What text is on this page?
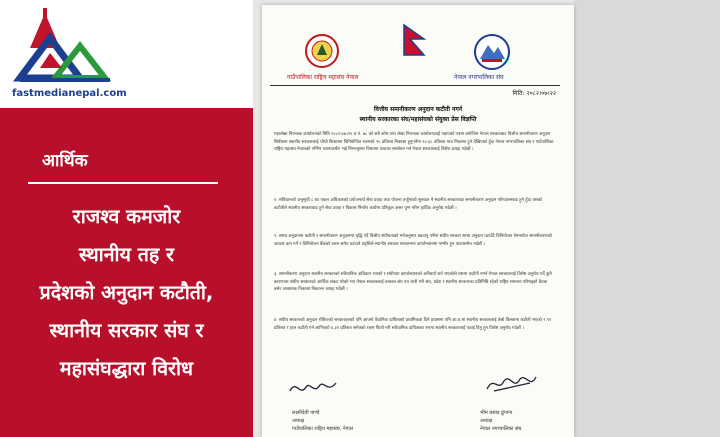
fastmedianepal.com
आर्थिक
राजश्व कमजोर
स्थानीय तह र
प्रदेशको अनुदान कटौती,
स्थानीय सरकार संघ र
महासंघद्धारा विरोध
गाउँपालिका राष्ट्रिय महासंघ नेपाल	नेपाल नगरपालिका संघ
मिति: २०८२।०७।२२
वित्तीय समानीकरण अनुदान कटौती नगर्न
स्थानीय सरकारका संघ/महासंघको संयुक्त प्रेस विज्ञप्ति

महालेखा नियन्त्रक कार्यालयको मिति २०८२।०७।२१ च.नं. ७८ को सबै कोष तथा लेखा नियन्त्रक कार्यालयलाई पठाएको पत्रमा बमोजिम नेपाल सरकारबाट वित्तीय समानीकरण अनुदान शिर्षकमा स्थानीय सरकारलाई चौथो किस्तामा विनियोजित रकमको २५ प्रतिशत निकासा हुनुपर्नेमा २०.६८ प्रतिशत मात्र निकासा हुने देखिएको हुँदा नेपाल नगरपालिका संघ र गाउँपालिका राष्ट्रिय महासंघ नेपालको गम्भिर ध्यानाकर्षण भई निम्नानुसार विषयमा तत्काल सम्बोधन गर्न नेपाल सरकारलाई विशेष आग्रह गर्दछौं ।

१. संविधानको अनुसूची ८ का एकल अधिकारको प्रयोजनार्थ सेवा प्रवाह तथा योजना तर्जुमाको सुरुवात नै स्थानीय सरकारबाट समानीकरण अनुदान परिचालनबाट हुने हुँदा यसको कटौतीले स्थानीय सरकारबाट हुने सेवा प्रवाह र विकास निर्माण कार्यमा प्रतिकूल असर पुग्न गरिन हार्दिक अनुरोध गर्दछौं ।

२. समग्र अनुदानमा कटौती र समानीकरण अनुदानमा वृद्धि गर्दै वित्तीय संघीयताको मर्मअनुसार बढाउनु पर्नेमा संघीय सरकार समग्र अनुदान घटाउँदै विनियोजन ऐनमार्फत समानीकरणको आकार कम गर्ने र विनियोजन बैंकको रकम समेत घटाउने प्रवृत्तिले स्थानीय सरकार संचालनमा कार्यान्वयनमा गम्भीर हुन पाउनसमेत गर्दछौं ।

३. समानीकरण अनुदान स्थानीय सरकारको संवैधानिक अधिकार भएको र संघीयता कार्यान्वयनको अनिवार्य शर्त भएकोले यसमा कटौती नगर्न नेपाल सरकारलाई विशेष अनुरोध गर्दै कुनै कारणवश संघीय सरकारको आर्थिक संकट परेको भए नेपाल सरकारलाई तत्काल संघ पत्र जारी गरी संघ, प्रदेश र स्थानीय सरकारका प्रतिनिधि रहेको राष्ट्रिय समन्वय परिषद्को बैठक बसेर आवश्यक निकासा निकाल्न आग्रह गर्दछौं ।

४. संघीय सरकारको अनुदान रोकिएको सरकारहरुको पनि आफ्नो वैधानिक दायित्वको प्राथमिकता दिने प्रयासमा पनि आ.व.मा स्थानीय सरकारलाई तेस्रो किस्तामा कटौती भएको २.९२ प्रतिशत र हाल कटौती गर्न लागिएको ४.३२ प्रतिशत समेतको रकम फिर्ता गरी संवैधानिक दायित्वका रुपमा स्थानीय सरकारलाई पठाई दिनु हुन विशेष अनुरोध गर्दछौं ।

लक्ष्मीदेवी पाण्डे
अध्यक्ष
गाउँपालिका राष्ट्रिय महासंघ, नेपाल
भीम प्रसाद ढुंगाना
अध्यक्ष
नेपाल नगरपालिका संघ
